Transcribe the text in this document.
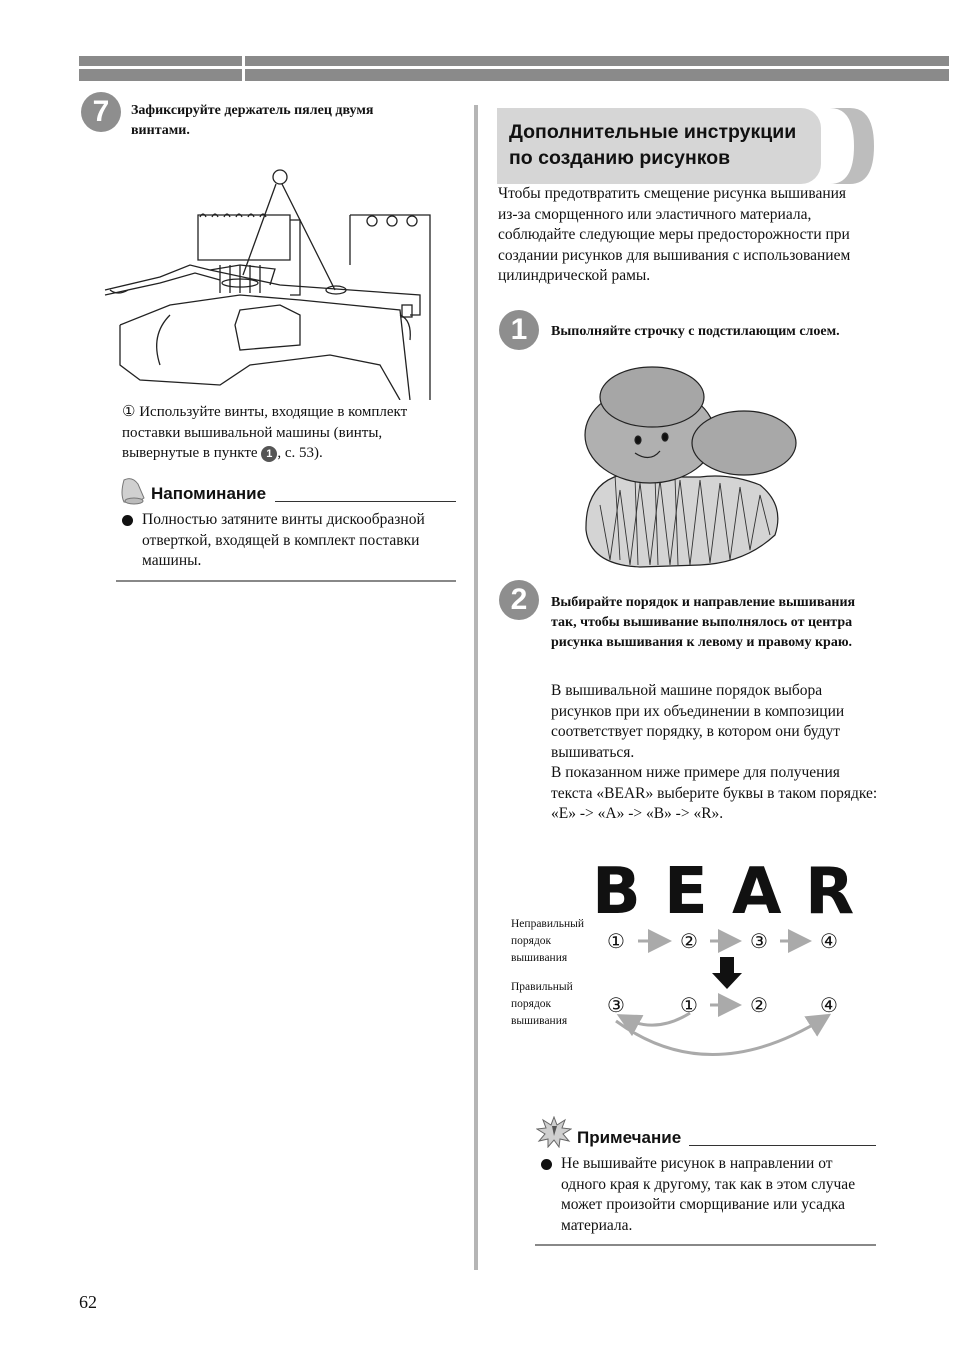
7	Зафиксируйте держатель пялец двумя винтами.
① Используйте винты, входящие в комплект поставки вышивальной машины (винты, вывернутые в пункте 1 , с. 53).
Напоминание
Полностью затяните винты дискообразной отверткой, входящей в комплект поставки машины.
Дополнительные инструкции по созданию рисунков
Чтобы предотвратить смещение рисунка вышивания из-за сморщенного или эластичного материала, соблюдайте следующие меры предосторожности при создании рисунков для вышивания с использованием цилиндрической рамы.
1	Выполняйте строчку с подстилающим слоем.
2	Выбирайте порядок и направление вышивания так, чтобы вышивание выполнялось от центра рисунка вышивания к левому и правому краю.
В вышивальной машине порядок выбора рисунков при их объединении в композиции соответствует порядку, в котором они будут вышиваться.
В показанном ниже примере для получения текста «BEAR» выберите буквы в таком порядке: «E» -> «A» -> «B» -> «R».
B E A R
Неправильный порядок вышивания
Правильный порядок вышивания
①	②	③	④
③	①	②	④
Примечание
Не вышивайте рисунок в направлении от одного края к другому, так как в этом случае может произойти сморщивание или усадка материала.
62
